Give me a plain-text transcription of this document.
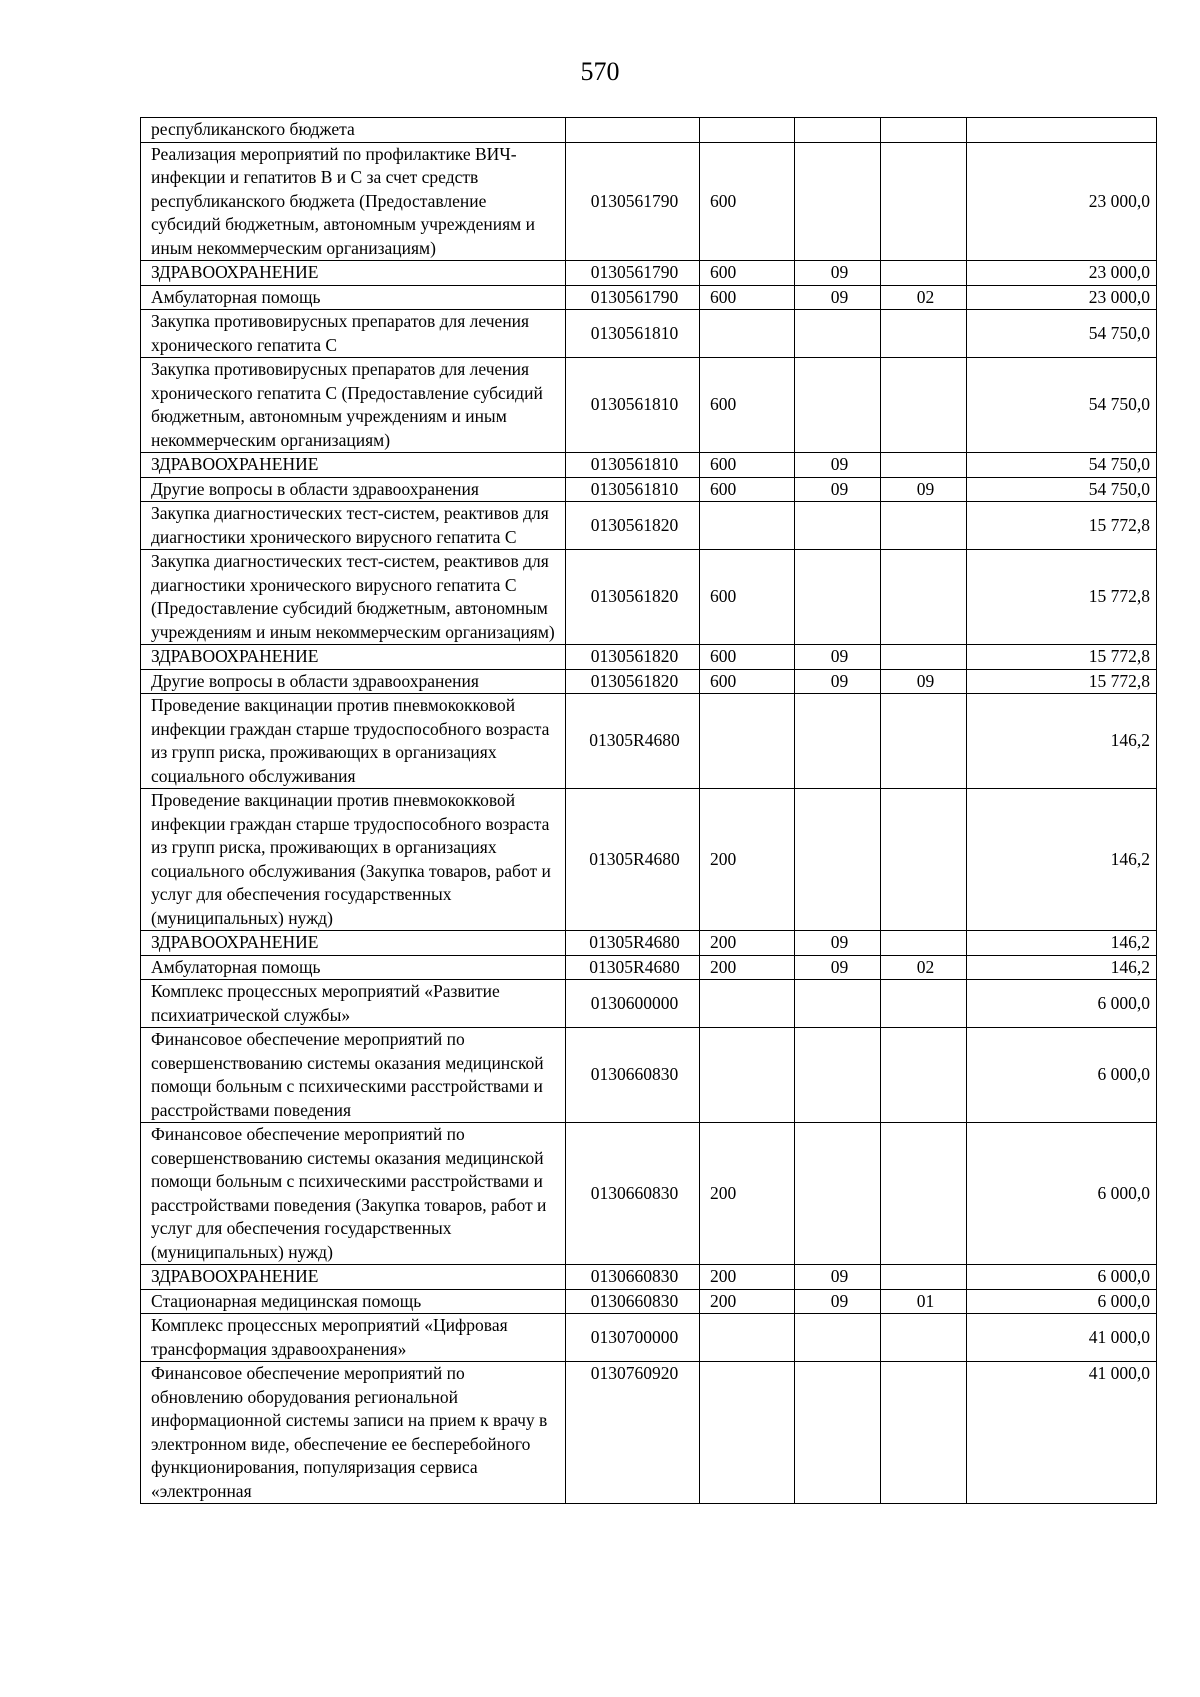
570
республиканского бюджета					
Реализация мероприятий по профилактике ВИЧ-инфекции и гепатитов В и С за счет средств республиканского бюджета (Предоставление субсидий бюджетным, автономным учреждениям и иным некоммерческим организациям)	0130561790	600			23 000,0
ЗДРАВООХРАНЕНИЕ	0130561790	600	09		23 000,0
Амбулаторная помощь	0130561790	600	09	02	23 000,0
Закупка противовирусных препаратов для лечения хронического гепатита С	0130561810				54 750,0
Закупка противовирусных препаратов для лечения хронического гепатита С (Предоставление субсидий бюджетным, автономным учреждениям и иным некоммерческим организациям)	0130561810	600			54 750,0
ЗДРАВООХРАНЕНИЕ	0130561810	600	09		54 750,0
Другие вопросы в области здравоохранения	0130561810	600	09	09	54 750,0
Закупка диагностических тест-систем, реактивов для диагностики хронического вирусного гепатита С	0130561820				15 772,8
Закупка диагностических тест-систем, реактивов для диагностики хронического вирусного гепатита С (Предоставление субсидий бюджетным, автономным учреждениям и иным некоммерческим организациям)	0130561820	600			15 772,8
ЗДРАВООХРАНЕНИЕ	0130561820	600	09		15 772,8
Другие вопросы в области здравоохранения	0130561820	600	09	09	15 772,8
Проведение вакцинации против пневмококковой инфекции граждан старше трудоспособного возраста из групп риска, проживающих в организациях социального обслуживания	01305R4680				146,2
Проведение вакцинации против пневмококковой инфекции граждан старше трудоспособного возраста из групп риска, проживающих в организациях социального обслуживания (Закупка товаров, работ и услуг для обеспечения государственных (муниципальных) нужд)	01305R4680	200			146,2
ЗДРАВООХРАНЕНИЕ	01305R4680	200	09		146,2
Амбулаторная помощь	01305R4680	200	09	02	146,2
Комплекс процессных мероприятий «Развитие психиатрической службы»	0130600000				6 000,0
Финансовое обеспечение мероприятий по совершенствованию системы оказания медицинской помощи больным с психическими расстройствами и расстройствами поведения	0130660830				6 000,0
Финансовое обеспечение мероприятий по совершенствованию системы оказания медицинской помощи больным с психическими расстройствами и расстройствами поведения (Закупка товаров, работ и услуг для обеспечения государственных (муниципальных) нужд)	0130660830	200			6 000,0
ЗДРАВООХРАНЕНИЕ	0130660830	200	09		6 000,0
Стационарная медицинская помощь	0130660830	200	09	01	6 000,0
Комплекс процессных мероприятий «Цифровая трансформация здравоохранения»	0130700000				41 000,0
Финансовое обеспечение мероприятий по обновлению оборудования региональной информационной системы записи на прием к врачу в электронном виде, обеспечение ее бесперебойного функционирования, популяризация сервиса «электронная	0130760920				41 000,0
